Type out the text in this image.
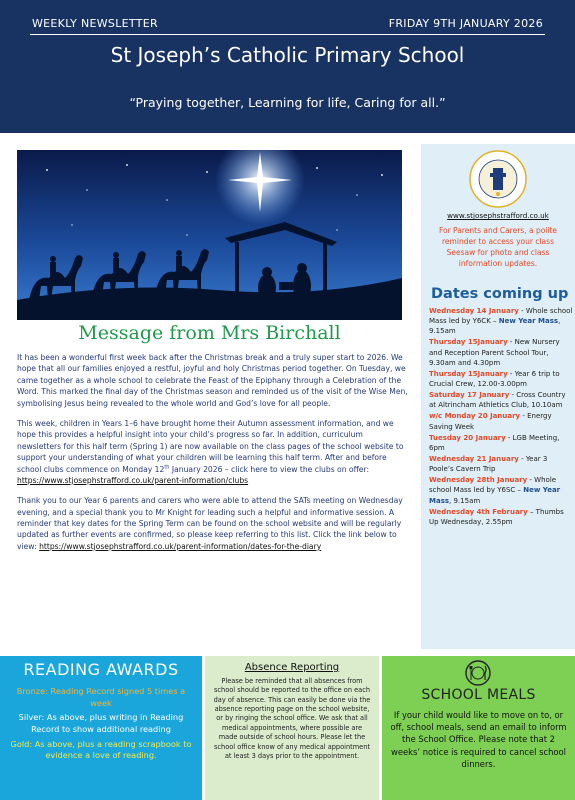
WEEKLY NEWSLETTER	FRIDAY 9TH JANUARY 2026
St Joseph’s Catholic Primary School
“Praying together, Learning for life, Caring for all.”
Message from Mrs Birchall

It has been a wonderful first week back after the Christmas break and a truly super start to 2026. We hope that all our families enjoyed a restful, joyful and holy Christmas period together. On Tuesday, we came together as a whole school to celebrate the Feast of the Epiphany through a Celebration of the Word. This marked the final day of the Christmas season and reminded us of the visit of the Wise Men, symbolising Jesus being revealed to the whole world and God’s love for all people.

This week, children in Years 1–6 have brought home their Autumn assessment information, and we hope this provides a helpful insight into your child’s progress so far. In addition, curriculum newsletters for this half term (Spring 1) are now available on the class pages of the school website to support your understanding of what your children will be learning this half term. After and before school clubs commence on Monday 12th January 2026 – click here to view the clubs on offer:
https://www.stjosephstrafford.co.uk/parent-information/clubs

Thank you to our Year 6 parents and carers who were able to attend the SATs meeting on Wednesday evening, and a special thank you to Mr Knight for leading such a helpful and informative session. A reminder that key dates for the Spring Term can be found on the school website and will be regularly updated as further events are confirmed, so please keep referring to this list. Click the link below to view: https://www.stjosephstrafford.co.uk/parent-information/dates-for-the-diary

www.stjosephstrafford.co.uk
For Parents and Carers, a polite reminder to access your class Seesaw for photo and class information updates.
Dates coming up
Wednesday 14 January - Whole school Mass led by Y6CK – New Year Mass, 9.15am
Thursday 15January - New Nursery and Reception Parent School Tour, 9.30am and 4.30pm
Thursday 15January - Year 6 trip to Crucial Crew, 12.00-3.00pm
Saturday 17 January - Cross Country at Altrincham Athletics Club, 10.10am
w/c Monday 20 January - Energy Saving Week
Tuesday 20 January - LGB Meeting, 6pm
Wednesday 21 January - Year 3 Poole’s Cavern Trip
Wednesday 28th January - Whole school Mass led by Y6SC – New Year Mass, 9.15am
Wednesday 4th February – Thumbs Up Wednesday, 2.55pm
READING AWARDS
Bronze: Reading Record signed 5 times a week
Silver: As above, plus writing in Reading Record to show additional reading
Gold: As above, plus a reading scrapbook to evidence a love of reading.
Absence Reporting
Please be reminded that all absences from school should be reported to the office on each day of absence. This can easily be done via the absence reporting page on the school website, or by ringing the school office. We ask that all medical appointments, where possible are made outside of school hours. Please let the school office know of any medical appointment at least 3 days prior to the appointment.
SCHOOL MEALS
If your child would like to move on to, or off, school meals, send an email to inform the School Office. Please note that 2 weeks’ notice is required to cancel school dinners.
